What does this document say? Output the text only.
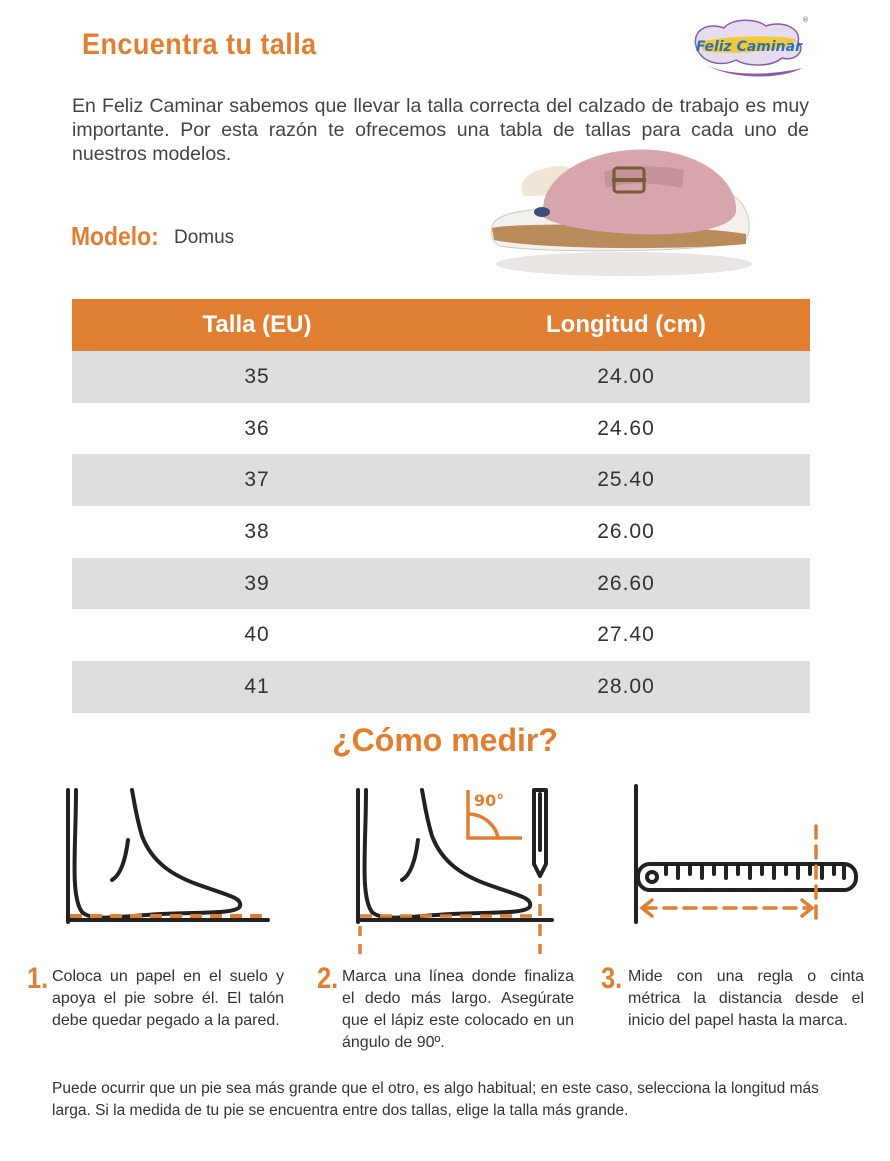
Encuentra tu talla	Feliz Caminar
®
En Feliz Caminar sabemos que llevar la talla correcta del calzado de trabajo es muy importante. Por esta razón te ofrecemos una tabla de tallas para cada uno de nuestros modelos.
Modelo: Domus
Talla (EU)	Longitud (cm)
35	24.00
36	24.60
37	25.40
38	26.00
39	26.60
40	27.40
41	28.00
¿Cómo medir?
90°
1. Coloca un papel en el suelo y apoya el pie sobre él. El talón debe quedar pegado a la pared.
2. Marca una línea donde finaliza el dedo más largo. Asegúrate que el lápiz este colocado en un ángulo de 90º.
3. Mide con una regla o cinta métrica la distancia desde el inicio del papel hasta la marca.
Puede ocurrir que un pie sea más grande que el otro, es algo habitual; en este caso, selecciona la longitud más larga. Si la medida de tu pie se encuentra entre dos tallas, elige la talla más grande.
